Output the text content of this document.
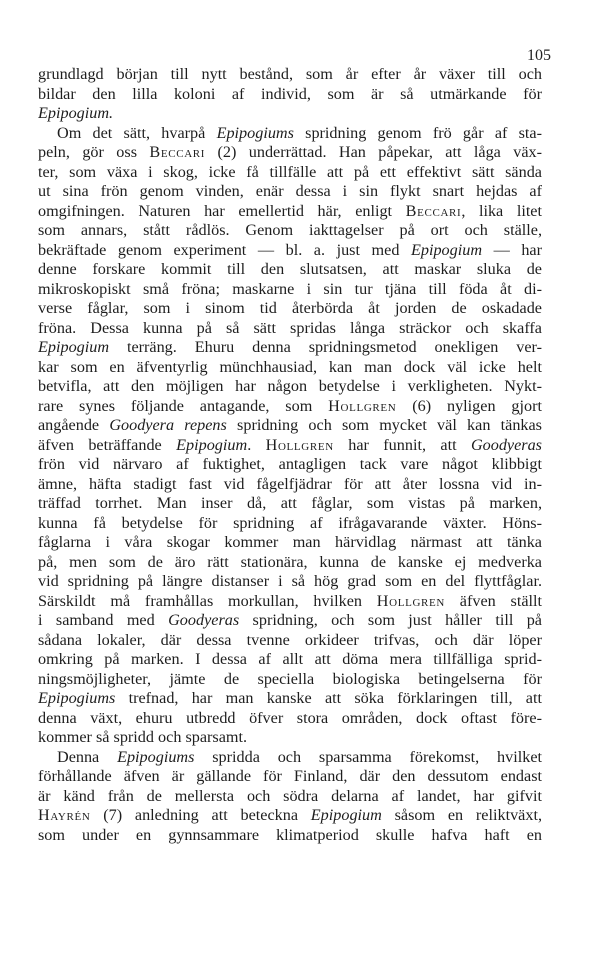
105
grundlagd början till nytt bestånd, som år efter år växer till och
bildar den lilla koloni af individ, som är så utmärkande för
Epipogium.
Om det sätt, hvarpå Epipogiums spridning genom frö går af sta-
peln, gör oss Beccari (2) underrättad. Han påpekar, att låga väx-
ter, som växa i skog, icke få tillfälle att på ett effektivt sätt sända
ut sina frön genom vinden, enär dessa i sin flykt snart hejdas af
omgifningen. Naturen har emellertid här, enligt Beccari, lika litet
som annars, stått rådlös. Genom iakttagelser på ort och ställe,
bekräftade genom experiment — bl. a. just med Epipogium — har
denne forskare kommit till den slutsatsen, att maskar sluka de
mikroskopiskt små fröna; maskarne i sin tur tjäna till föda åt di-
verse fåglar, som i sinom tid återbörda åt jorden de oskadade
fröna. Dessa kunna på så sätt spridas långa sträckor och skaffa
Epipogium terräng. Ehuru denna spridningsmetod onekligen ver-
kar som en äfventyrlig münchhausiad, kan man dock väl icke helt
betvifla, att den möjligen har någon betydelse i verkligheten. Nykt-
rare synes följande antagande, som Hollgren (6) nyligen gjort
angående Goodyera repens spridning och som mycket väl kan tänkas
äfven beträffande Epipogium. Hollgren har funnit, att Goodyeras
frön vid närvaro af fuktighet, antagligen tack vare något klibbigt
ämne, häfta stadigt fast vid fågelfjädrar för att åter lossna vid in-
träffad torrhet. Man inser då, att fåglar, som vistas på marken,
kunna få betydelse för spridning af ifrågavarande växter. Höns-
fåglarna i våra skogar kommer man härvidlag närmast att tänka
på, men som de äro rätt stationära, kunna de kanske ej medverka
vid spridning på längre distanser i så hög grad som en del flyttfåglar.
Särskildt må framhållas morkullan, hvilken Hollgren äfven ställt
i samband med Goodyeras spridning, och som just håller till på
sådana lokaler, där dessa tvenne orkideer trifvas, och där löper
omkring på marken. I dessa af allt att döma mera tillfälliga sprid-
ningsmöjligheter, jämte de speciella biologiska betingelserna för
Epipogiums trefnad, har man kanske att söka förklaringen till, att
denna växt, ehuru utbredd öfver stora områden, dock oftast före-
kommer så spridd och sparsamt.
Denna Epipogiums spridda och sparsamma förekomst, hvilket
förhållande äfven är gällande för Finland, där den dessutom endast
är känd från de mellersta och södra delarna af landet, har gifvit
Hayrén (7) anledning att beteckna Epipogium såsom en reliktväxt,
som under en gynnsammare klimatperiod skulle hafva haft en
